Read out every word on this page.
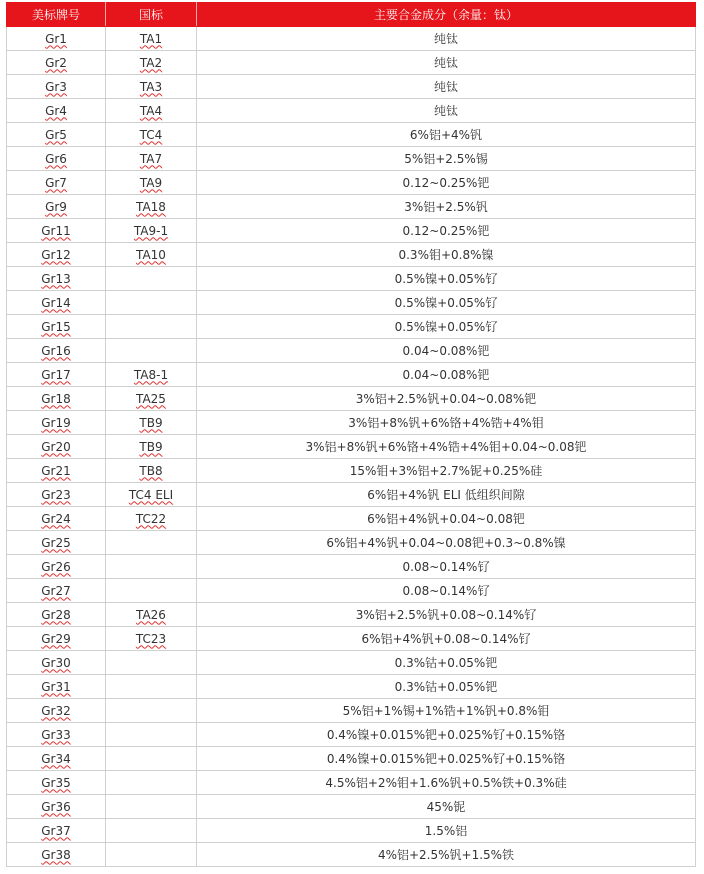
美标牌号	国标	主要合金成分（余量：钛）
Gr1	TA1	纯钛
Gr2	TA2	纯钛
Gr3	TA3	纯钛
Gr4	TA4	纯钛
Gr5	TC4	6%铝+4%钒
Gr6	TA7	5%铝+2.5%锡
Gr7	TA9	0.12~0.25%钯
Gr9	TA18	3%铝+2.5%钒
Gr11	TA9-1	0.12~0.25%钯
Gr12	TA10	0.3%钼+0.8%镍
Gr13		0.5%镍+0.05%钌
Gr14		0.5%镍+0.05%钌
Gr15		0.5%镍+0.05%钌
Gr16		0.04~0.08%钯
Gr17	TA8-1	0.04~0.08%钯
Gr18	TA25	3%铝+2.5%钒+0.04~0.08%钯
Gr19	TB9	3%铝+8%钒+6%铬+4%锆+4%钼
Gr20	TB9	3%铝+8%钒+6%铬+4%锆+4%钼+0.04~0.08钯
Gr21	TB8	15%钼+3%铝+2.7%铌+0.25%硅
Gr23	TC4 ELI	6%铝+4%钒 ELI 低组织间隙
Gr24	TC22	6%铝+4%钒+0.04~0.08钯
Gr25		6%铝+4%钒+0.04~0.08钯+0.3~0.8%镍
Gr26		0.08~0.14%钌
Gr27		0.08~0.14%钌
Gr28	TA26	3%铝+2.5%钒+0.08~0.14%钌
Gr29	TC23	6%铝+4%钒+0.08~0.14%钌
Gr30		0.3%钴+0.05%钯
Gr31		0.3%钴+0.05%钯
Gr32		5%铝+1%锡+1%锆+1%钒+0.8%钼
Gr33		0.4%镍+0.015%钯+0.025%钌+0.15%铬
Gr34		0.4%镍+0.015%钯+0.025%钌+0.15%铬
Gr35		4.5%铝+2%钼+1.6%钒+0.5%铁+0.3%硅
Gr36		45%铌
Gr37		1.5%铝
Gr38		4%铝+2.5%钒+1.5%铁
